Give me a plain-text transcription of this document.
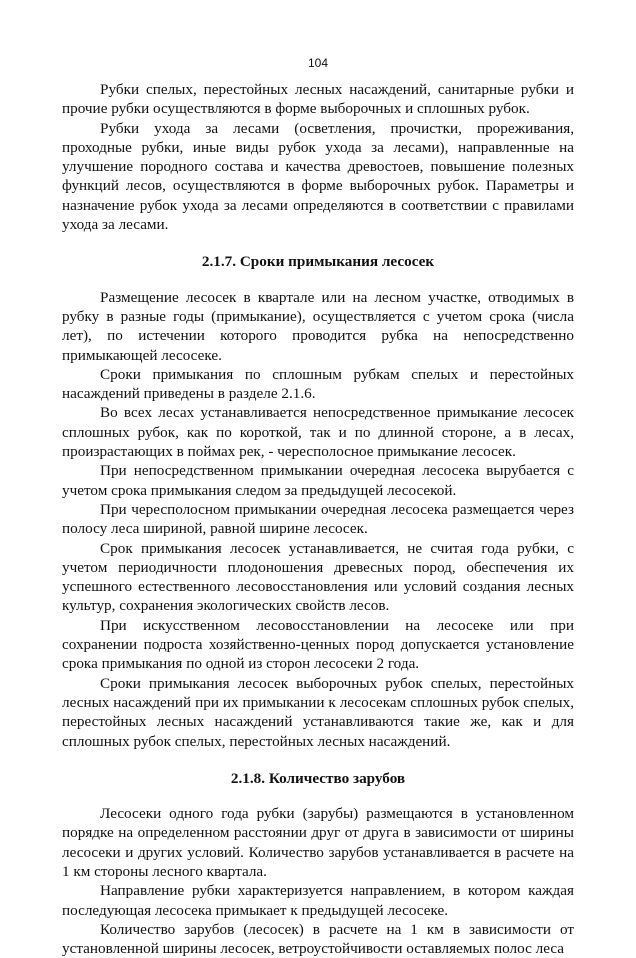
104

Рубки спелых, перестойных лесных насаждений, санитарные рубки и прочие рубки осуществляются в форме выборочных и сплошных рубок.

Рубки ухода за лесами (осветления, прочистки, прореживания, проходные рубки, иные виды рубок ухода за лесами), направленные на улучшение породного состава и качества древостоев, повышение полезных функций лесов, осуществляются в форме выборочных рубок. Параметры и назначение рубок ухода за лесами определяются в соответствии с правилами ухода за лесами.

2.1.7. Сроки примыкания лесосек

Размещение лесосек в квартале или на лесном участке, отводимых в рубку в разные годы (примыкание), осуществляется с учетом срока (числа лет), по истечении которого проводится рубка на непосредственно примыкающей лесосеке.

Сроки примыкания по сплошным рубкам спелых и перестойных насаждений приведены в разделе 2.1.6.

Во всех лесах устанавливается непосредственное примыкание лесосек сплошных рубок, как по короткой, так и по длинной стороне, а в лесах, произрастающих в поймах рек, - чересполосное примыкание лесосек.

При непосредственном примыкании очередная лесосека вырубается с учетом срока примыкания следом за предыдущей лесосекой.

При чересполосном примыкании очередная лесосека размещается через полосу леса шириной, равной ширине лесосек.

Срок примыкания лесосек устанавливается, не считая года рубки, с учетом периодичности плодоношения древесных пород, обеспечения их успешного естественного лесовосстановления или условий создания лесных культур, сохранения экологических свойств лесов.

При искусственном лесовосстановлении на лесосеке или при сохранении подроста хозяйственно-ценных пород допускается установление срока примыкания по одной из сторон лесосеки 2 года.

Сроки примыкания лесосек выборочных рубок спелых, перестойных лесных насаждений при их примыкании к лесосекам сплошных рубок спелых, перестойных лесных насаждений устанавливаются такие же, как и для сплошных рубок спелых, перестойных лесных насаждений.

2.1.8. Количество зарубов

Лесосеки одного года рубки (зарубы) размещаются в установленном порядке на определенном расстоянии друг от друга в зависимости от ширины лесосеки и других условий. Количество зарубов устанавливается в расчете на 1 км стороны лесного квартала.

Направление рубки характеризуется направлением, в котором каждая последующая лесосека примыкает к предыдущей лесосеке.

Количество зарубов (лесосек) в расчете на 1 км в зависимости от установленной ширины лесосек, ветроустойчивости оставляемых полос леса
